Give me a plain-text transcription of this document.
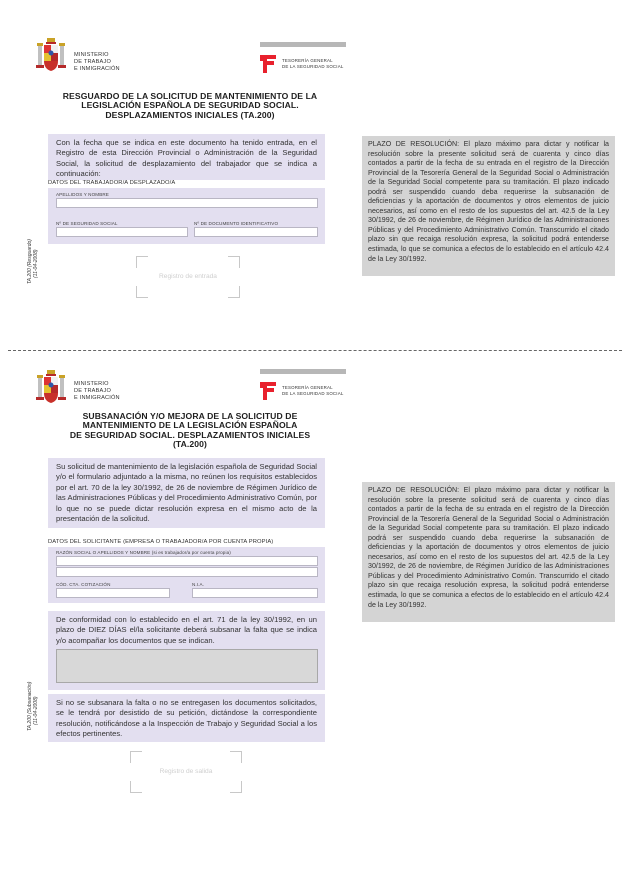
MINISTERIO
DE TRABAJO
E INMIGRACIÓN
TESORERÍA GENERAL
DE LA SEGURIDAD SOCIAL
RESGUARDO DE LA SOLICITUD DE MANTENIMIENTO DE LA
LEGISLACIÓN ESPAÑOLA DE SEGURIDAD SOCIAL.
DESPLAZAMIENTOS INICIALES (TA.200)
TA.200 (Resguardo) (11-04-2008)
Con la fecha que se indica en este documento ha tenido entrada, en el Registro de esta Dirección Provincial o Administración de la Seguridad Social, la solicitud de desplazamiento del trabajador que se indica a continuación:
DATOS DEL TRABAJADOR/A DESPLAZADO/A
APELLIDOS Y NOMBRE
Nº DE SEGURIDAD SOCIAL	Nº DE DOCUMENTO IDENTIFICATIVO
Registro de entrada
PLAZO DE RESOLUCIÓN: El plazo máximo para dictar y notificar la resolución sobre la presente solicitud será de cuarenta y cinco días contados a partir de la fecha de su entrada en el registro de la Dirección Provincial de la Tesorería General de la Seguridad Social o Administración de la Seguridad Social competente para su tramitación. El plazo indicado podrá ser suspendido cuando deba requerirse la subsanación de deficiencias y la aportación de documentos y otros elementos de juicio necesarios, así como en el resto de los supuestos del art. 42.5 de la Ley 30/1992, de 26 de noviembre, de Régimen Jurídico de las Administraciones Públicas y del Procedimiento Administrativo Común. Transcurrido el citado plazo sin que recaiga resolución expresa, la solicitud podrá entenderse estimada, lo que se comunica a efectos de lo establecido en el artículo 42.4 de la Ley 30/1992.
MINISTERIO
DE TRABAJO
E INMIGRACIÓN
TESORERÍA GENERAL
DE LA SEGURIDAD SOCIAL
SUBSANACIÓN Y/O MEJORA DE LA SOLICITUD DE
MANTENIMIENTO DE LA LEGISLACIÓN ESPAÑOLA
DE SEGURIDAD SOCIAL. DESPLAZAMIENTOS INICIALES
(TA.200)
TA.200 (Subsanación) (11-04-2008)
Su solicitud de mantenimiento de la legislación española de Seguridad Social y/o el formulario adjuntado a la misma, no reúnen los requisitos establecidos por el art. 70 de la ley 30/1992, de 26 de noviembre de Régimen Jurídico de las Administraciones Públicas y del Procedimiento Administrativo Común, por lo que no se puede dictar resolución expresa en el mismo acto de la presentación de la solicitud.
DATOS DEL SOLICITANTE (EMPRESA O TRABAJADOR/A POR CUENTA PROPIA)
RAZÓN SOCIAL O APELLIDOS Y NOMBRE (si es trabajador/a por cuenta propia)
CÓD. CTA. COTIZACIÓN	N.I.A.
De conformidad con lo establecido en el art. 71 de la ley 30/1992, en un plazo de DIEZ DÍAS el/la solicitante deberá subsanar la falta que se indica y/o acompañar los documentos que se indican.
Si no se subsanara la falta o no se entregasen los documentos solicitados, se le tendrá por desistido de su petición, dictándose la correspondiente resolución, notificándose a la Inspección de Trabajo y Seguridad Social a los efectos pertinentes.
Registro de salida
PLAZO DE RESOLUCIÓN: El plazo máximo para dictar y notificar la resolución sobre la presente solicitud será de cuarenta y cinco días contados a partir de la fecha de su entrada en el registro de la Dirección Provincial de la Tesorería General de la Seguridad Social o Administración de la Seguridad Social competente para su tramitación. El plazo indicado podrá ser suspendido cuando deba requerirse la subsanación de deficiencias y la aportación de documentos y otros elementos de juicio necesarios, así como en el resto de los supuestos del art. 42.5 de la Ley 30/1992, de 26 de noviembre, de Régimen Jurídico de las Administraciones Públicas y del Procedimiento Administrativo Común. Transcurrido el citado plazo sin que recaiga resolución expresa, la solicitud podrá entenderse estimada, lo que se comunica a efectos de lo establecido en el artículo 42.4 de la Ley 30/1992.
